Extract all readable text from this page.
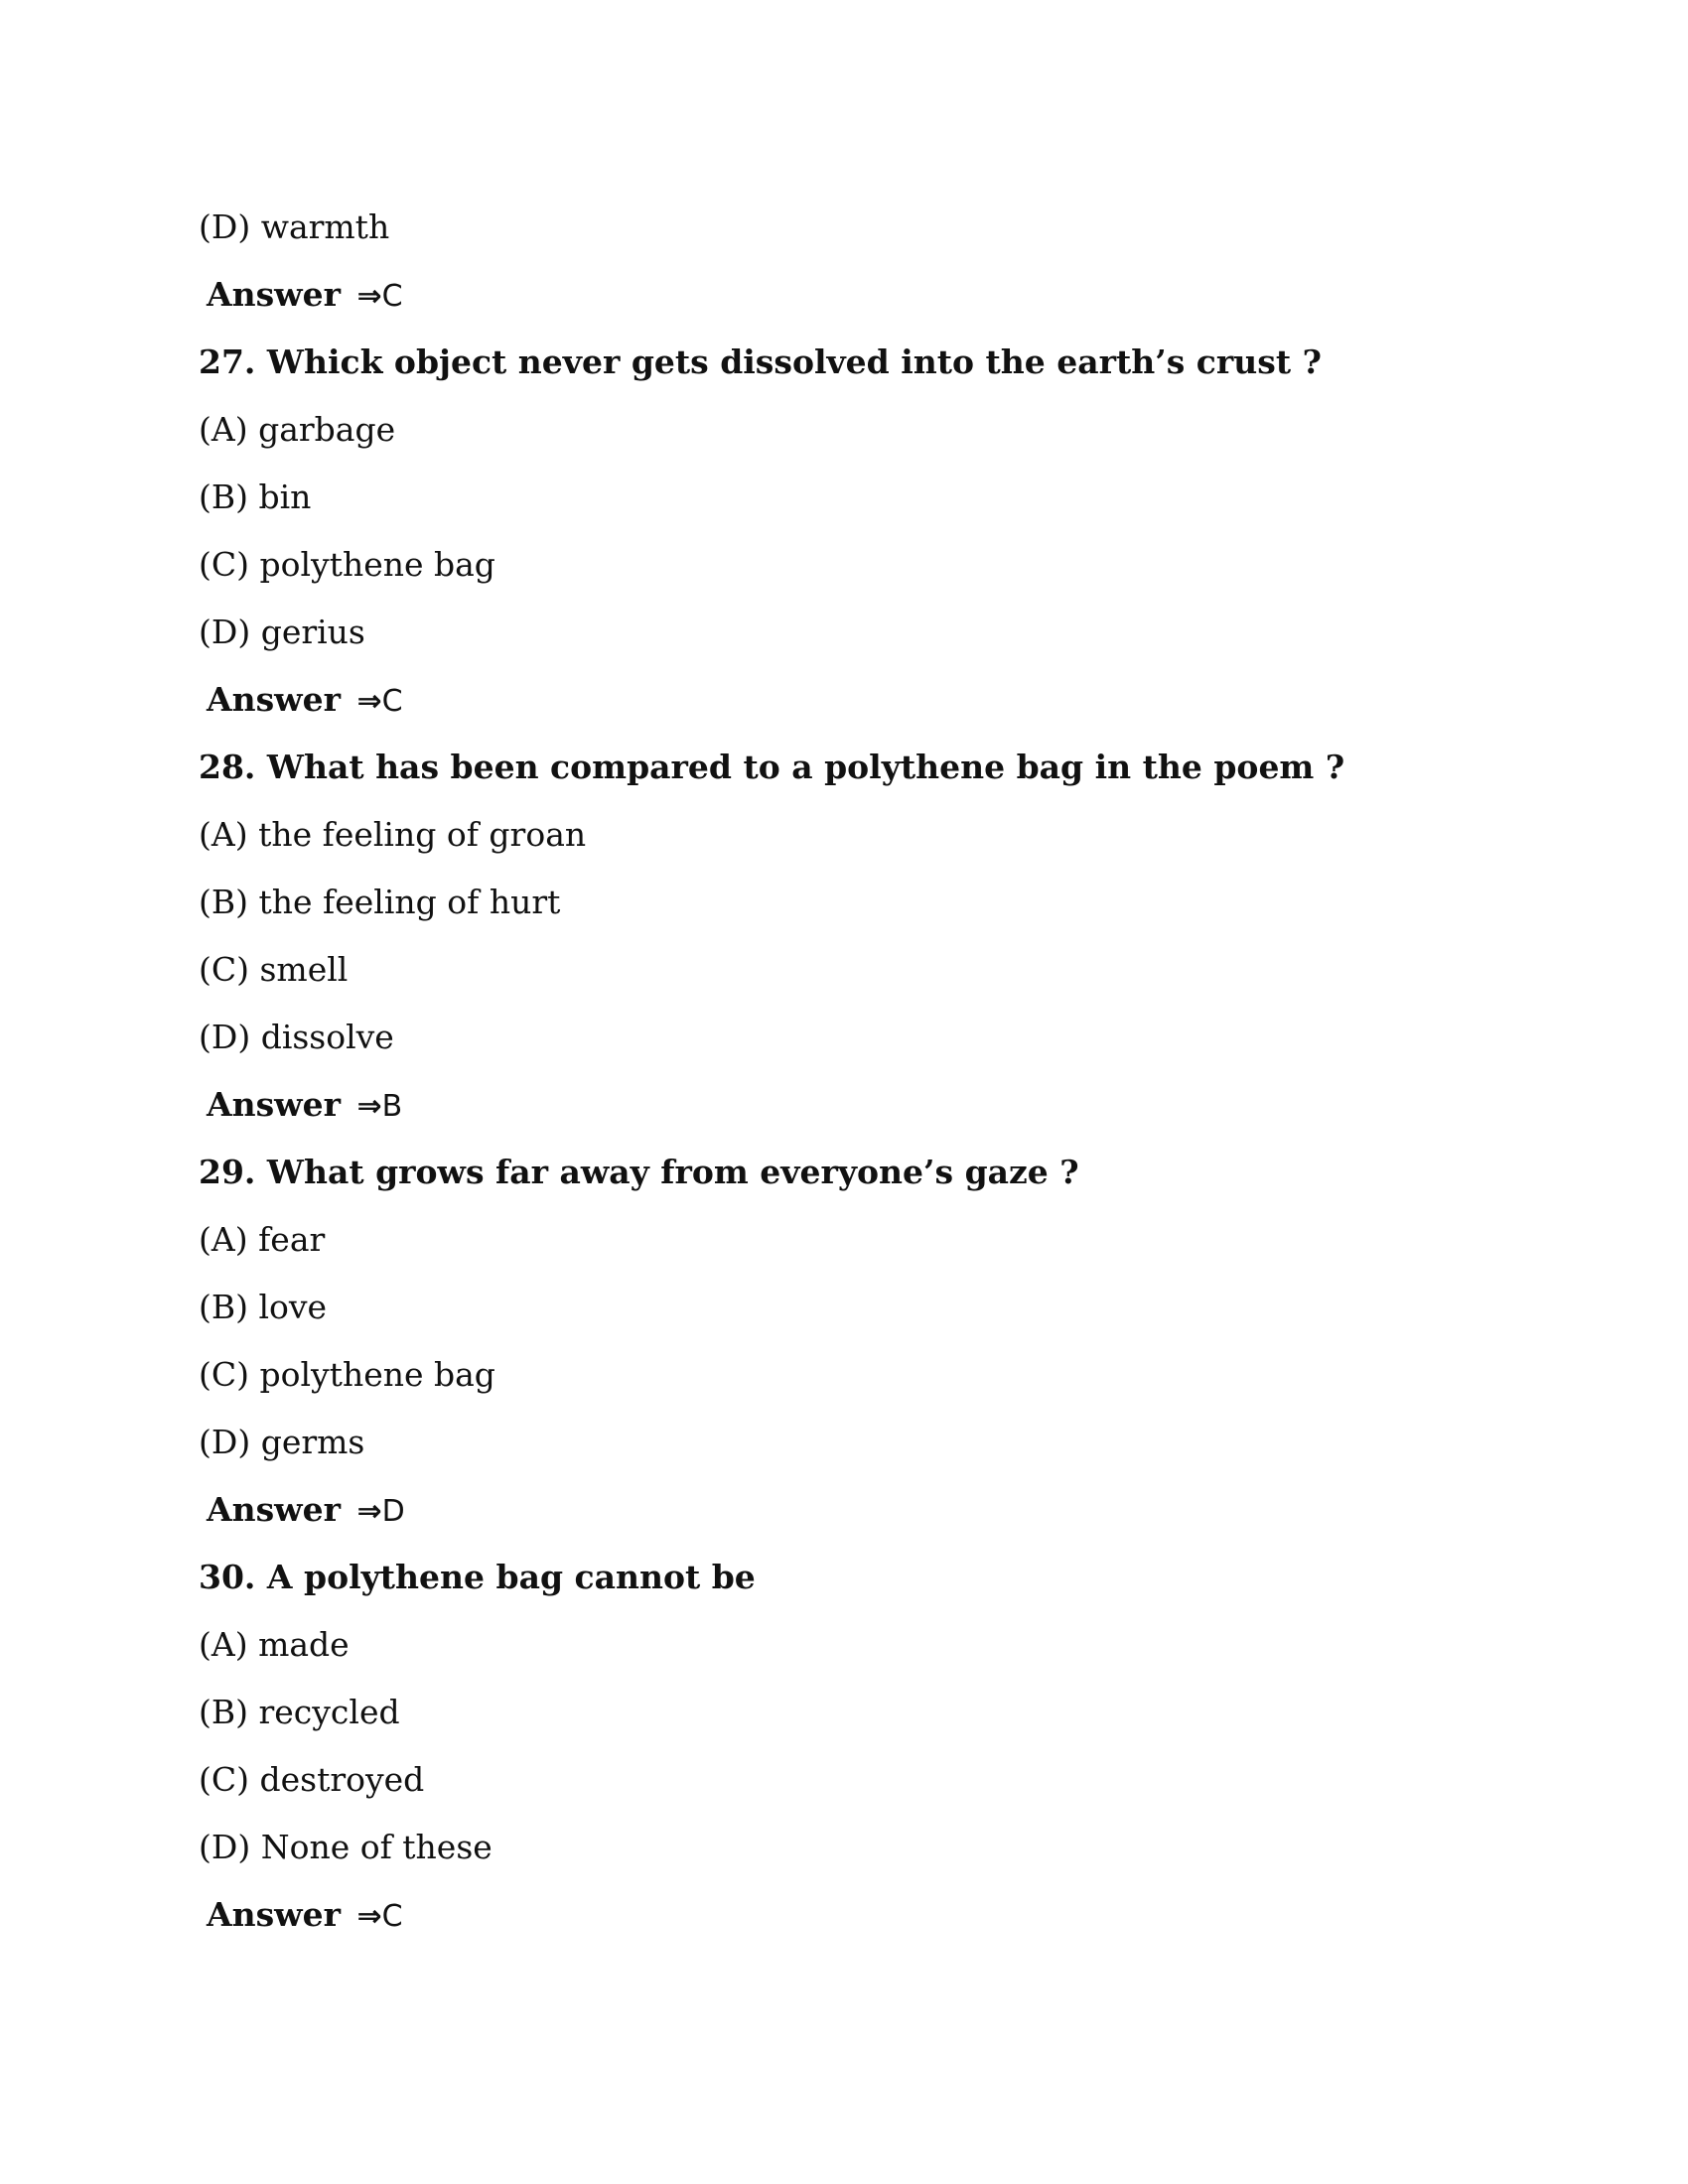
(D) warmth
Answer ⇒C
27. Whick object never gets dissolved into the earth’s crust ?
(A) garbage
(B) bin
(C) polythene bag
(D) gerius
Answer ⇒C
28. What has been compared to a polythene bag in the poem ?
(A) the feeling of groan
(B) the feeling of hurt
(C) smell
(D) dissolve
Answer ⇒B
29. What grows far away from everyone’s gaze ?
(A) fear
(B) love
(C) polythene bag
(D) germs
Answer ⇒D
30. A polythene bag cannot be
(A) made
(B) recycled
(C) destroyed
(D) None of these
Answer ⇒C
